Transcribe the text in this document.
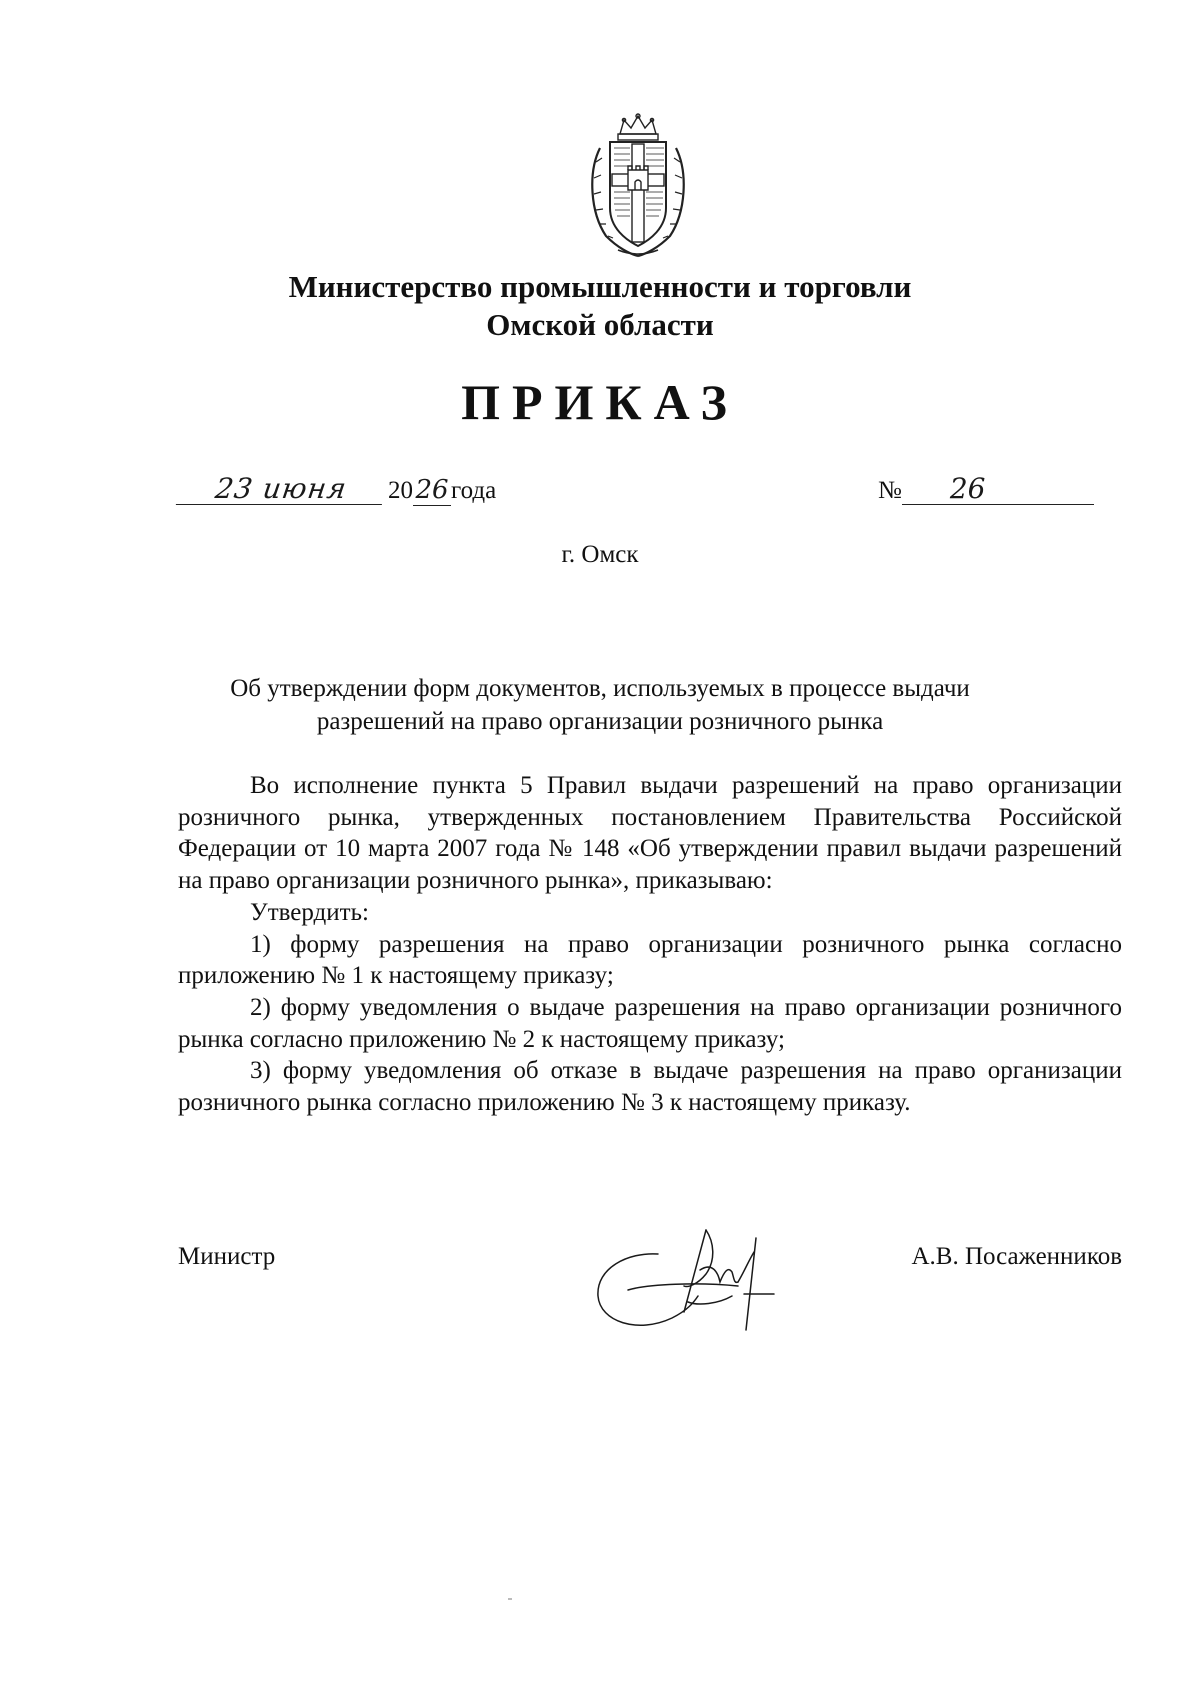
Министерство промышленности и торговли
Омской области
ПРИКАЗ
23 июня 2026года	№ 26
г. Омск
Об утверждении форм документов, используемых в процессе выдачи
разрешений на право организации розничного рынка

Во исполнение пункта 5 Правил выдачи разрешений на право организации розничного рынка, утвержденных постановлением Правительства Российской Федерации от 10 марта 2007 года № 148 «Об утверждении правил выдачи разрешений на право организации розничного рынка», приказываю:

Утвердить:

1) форму разрешения на право организации розничного рынка согласно приложению № 1 к настоящему приказу;

2) форму уведомления о выдаче разрешения на право организации розничного рынка согласно приложению № 2 к настоящему приказу;

3) форму уведомления об отказе в выдаче разрешения на право организации розничного рынка согласно приложению № 3 к настоящему приказу.

Министр	А.В. Посаженников
